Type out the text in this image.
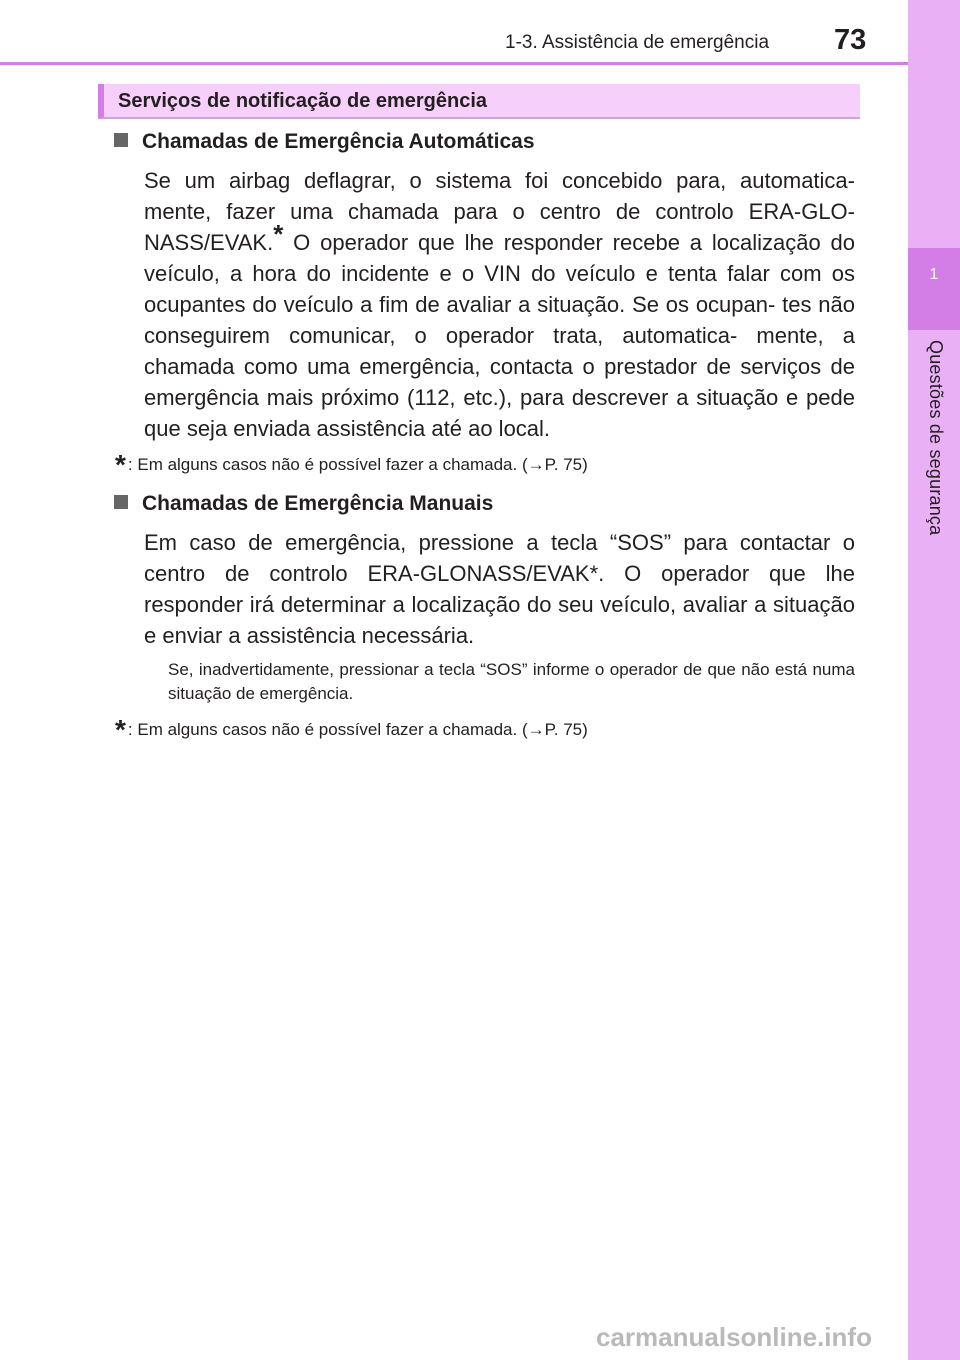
1
Questões de segurança
1-3. Assistência de emergência 73
Serviços de notificação de emergência
Chamadas de Emergência Automáticas
Se um airbag deflagrar, o sistema foi concebido para, automatica- mente, fazer uma chamada para o centro de controlo ERA-GLO- NASS/EVAK.* O operador que lhe responder recebe a localização do veículo, a hora do incidente e o VIN do veículo e tenta falar com os ocupantes do veículo a fim de avaliar a situação. Se os ocupan- tes não conseguirem comunicar, o operador trata, automatica- mente, a chamada como uma emergência, contacta o prestador de serviços de emergência mais próximo (112, etc.), para descrever a situação e pede que seja enviada assistência até ao local.
* : Em alguns casos não é possível fazer a chamada. (→P. 75)
Chamadas de Emergência Manuais
Em caso de emergência, pressione a tecla “SOS” para contactar o centro de controlo ERA-GLONASS/EVAK*. O operador que lhe responder irá determinar a localização do seu veículo, avaliar a situação e enviar a assistência necessária.
Se, inadvertidamente, pressionar a tecla “SOS” informe o operador de que não está numa situação de emergência.
* : Em alguns casos não é possível fazer a chamada. (→P. 75)
carmanualsonline.info
